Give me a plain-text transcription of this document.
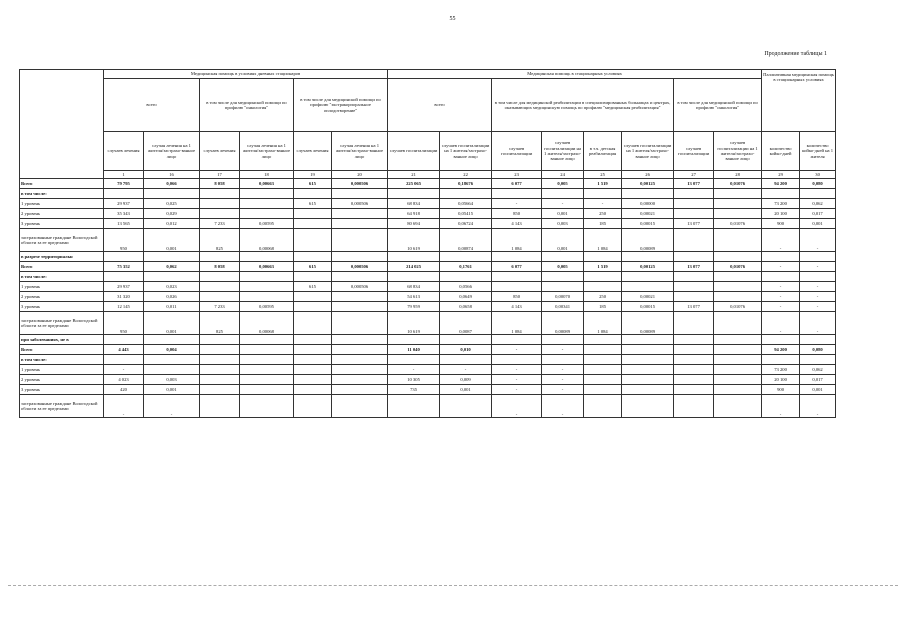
55
Продолжение таблицы 1
	Медицинская помощь в условиях дневных стационаров						Медицинская помощь в стационарных условиях								Паллиативная медицинская помощь в стационарных условиях		
	всего		в том числе для медицинской помощи по профилю "онкология"		в том числе для медицинской помощи по профилю "экстракорпоральное оплодотворение"		всего		в том числе для медицинской реабилитации в специализированных больницах и центрах, оказывающих медицинскую помощь по профилю "медицинская реабилитация"				в том числе для медицинской помощи по профилю "онкология"				
	случаев лечения	случая лечения на 1 жителя/застрахо-ванное лицо	случаев лечения	случая лечения на 1 жителя/застрахо-ванное лицо	случаев лечения	случая лечения на 1 жителя/застрахо-ванное лицо	случаев госпитализации	случаев госпитализации на 1 жителя/застрахо-ванное лицо	случаев госпитализации	случаев госпитализации на 1 жителя/застрахо-ванное лицо	в т.ч. детская реабилитация	случаев госпитализации на 1 жителя/застрахо-ванное лицо	случаев госпитализации	случаев госпитализации на 1 жителя/застрахо-ванное лицо	количество койко-дней	количество койко-дней на 1 жителя	
	1	16	17	18	19	20	21	22	23	24	25	26	27	28	29	30	
Всего	79 795	0,066	8 058	0,00663	615	0,000506	225 065	0,18676	6 077	0,005	1 519	0,00125	13 077	0,01076	94 200	0,080	
в том числе:																	
1 уровень	29 937	0,025			615	0,000506	68 834	0,05664	-	-	-	0,00000			73 200	0,062	
2 уровень	35 343	0,029					64 918	0,05415	850	0,001	250	0,00021			20 100	0,017	
3 уровень	13 565	0,012	7 233	0,00595			80 694	0,06724	4 143	0,003	185	0,00015	13 077	0,01076	900	0,001	
застрахованные граждане Вологодской области за ее пределами	950	0,001	825	0,00068			10 619	0,00874	1 084	0,001	1 084	0,00089			-	-	
в разрезе территориальн																	
Всего	75 352	0,062	8 058	0,00663	615	0,000506	214 025	0,1761	6 077	0,005	1 519	0,00125	13 077	0,01076	-	-	
в том числе:																	
1 уровень	29 937	0,023			615	0,000506	68 834	0,0566							-	-	
2 уровень	31 320	0,026					54 613	0,0649	850	0,00070	250	0,00021			-	-	
3 уровень	12 145	0,011	7 233	0,00595			79 959	0,0658	4 143	0,00341	185	0,00015	13 077	0,01076	-	-	
застрахованные граждане Вологодской области за ее пределами	950	0,001	825	0,00068			10 619	0,0087	1 084	0,00089	1 084	0,00089			-	-	
при заболеваниях, не в																	
Всего	4 443	0,004					11 040	0,010	-	-					94 200	0,080	
в том числе:																	
1 уровень	-						-	-	-	-					73 200	0,062	
2 уровень	4 023	0,003					10 305	0,009	-	-					20 100	0,017	
3 уровень	420	0,001					735	0,001	-	-					900	0,001	
застрахованные граждане Вологодской области за ее пределами	-	-							-	-					-	-	
